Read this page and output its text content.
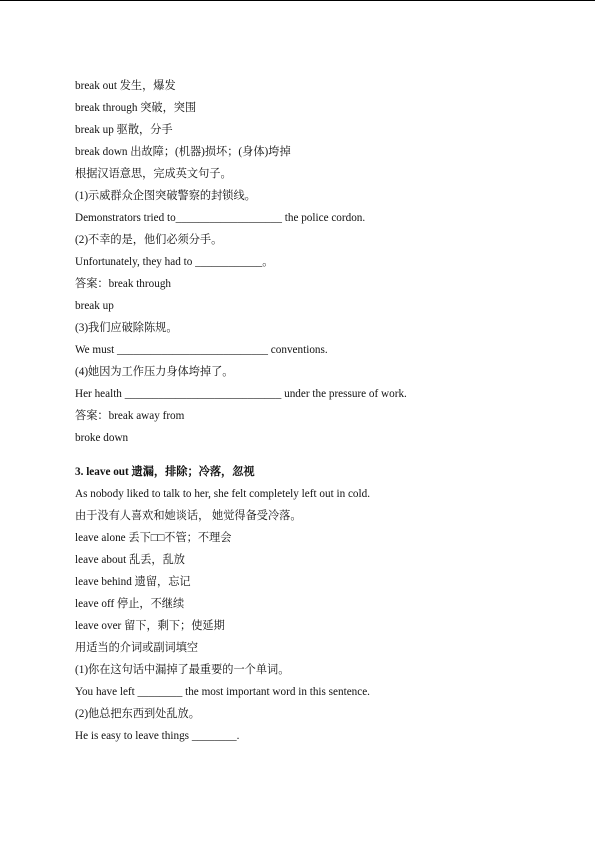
break out 发生，爆发
break through 突破，突围
break up 驱散，分手
break down 出故障；(机器)损坏；(身体)垮掉
根据汉语意思，完成英文句子。
(1)示威群众企图突破警察的封锁线。
Demonstrators tried to___________________ the police cordon.
(2)不幸的是，他们必须分手。
Unfortunately, they had to ____________。
答案：break through
break up
(3)我们应破除陈规。
We must ___________________________ conventions.
(4)她因为工作压力身体垮掉了。
Her health ____________________________ under the pressure of work.
答案：break away from
broke down
3. leave out 遗漏，排除；冷落，忽视
As nobody liked to talk to her, she felt completely left out in cold.
由于没有人喜欢和她谈话， 她觉得备受冷落。
leave alone 丢下□□不管；不理会
leave about 乱丢，乱放
leave behind 遗留，忘记
leave off 停止，不继续
leave over 留下，剩下；使延期
用适当的介词或副词填空
(1)你在这句话中漏掉了最重要的一个单词。
You have left ________ the most important word in this sentence.
(2)他总把东西到处乱放。
He is easy to leave things ________.
